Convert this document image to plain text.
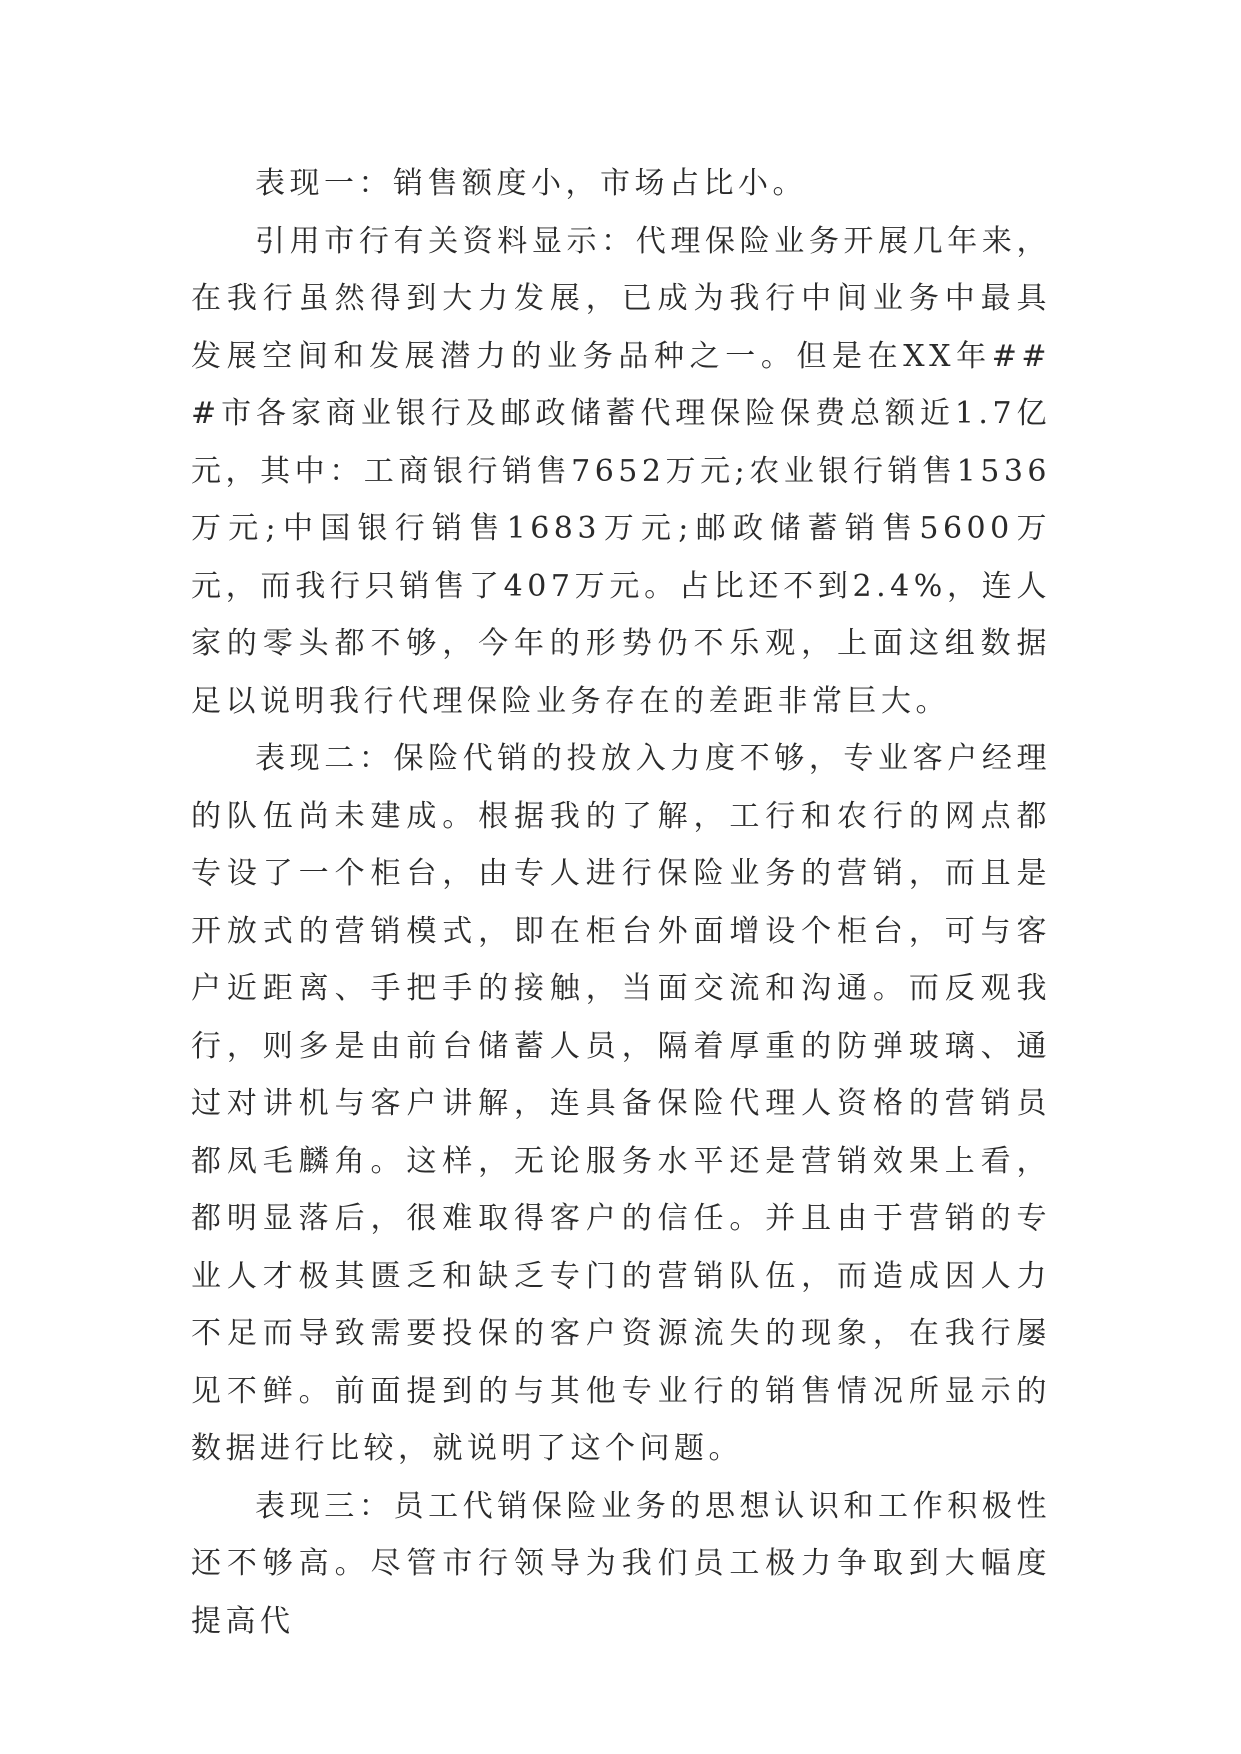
表现一：销售额度小，市场占比小。

引用市行有关资料显示：代理保险业务开展几年来，在我行虽然得到大力发展，已成为我行中间业务中最具发展空间和发展潜力的业务品种之一。但是在XX年###市各家商业银行及邮政储蓄代理保险保费总额近1.7亿元，其中：工商银行销售7652万元;农业银行销售1536万元;中国银行销售1683万元;邮政储蓄销售5600万元，而我行只销售了407万元。占比还不到2.4%，连人家的零头都不够，今年的形势仍不乐观，上面这组数据足以说明我行代理保险业务存在的差距非常巨大。

表现二：保险代销的投放入力度不够，专业客户经理的队伍尚未建成。根据我的了解，工行和农行的网点都专设了一个柜台，由专人进行保险业务的营销，而且是开放式的营销模式，即在柜台外面增设个柜台，可与客户近距离、手把手的接触，当面交流和沟通。而反观我行，则多是由前台储蓄人员，隔着厚重的防弹玻璃、通过对讲机与客户讲解，连具备保险代理人资格的营销员都凤毛麟角。这样，无论服务水平还是营销效果上看，都明显落后，很难取得客户的信任。并且由于营销的专业人才极其匮乏和缺乏专门的营销队伍，而造成因人力不足而导致需要投保的客户资源流失的现象，在我行屡见不鲜。前面提到的与其他专业行的销售情况所显示的数据进行比较，就说明了这个问题。

表现三：员工代销保险业务的思想认识和工作积极性还不够高。尽管市行领导为我们员工极力争取到大幅度提高代
